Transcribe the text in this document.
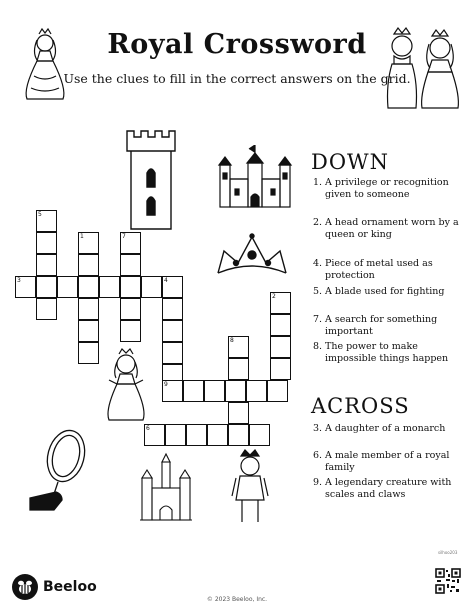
Royal Crossword
Use the clues to fill in the correct answers on the grid.
5
1	7
3	4
9
8
2
6
DOWN
1. A privilege or recognition given to someone
2. A head ornament worn by a queen or king
4. Piece of metal used as protection
5. A blade used for fighting
7. A search for something important
8. The power to make impossible things happen
ACROSS
3. A daughter of a monarch
6. A male member of a royal family
9. A legendary creature with scales and claws
Beeloo
© 2023 Beeloo, Inc.
silhoo203
